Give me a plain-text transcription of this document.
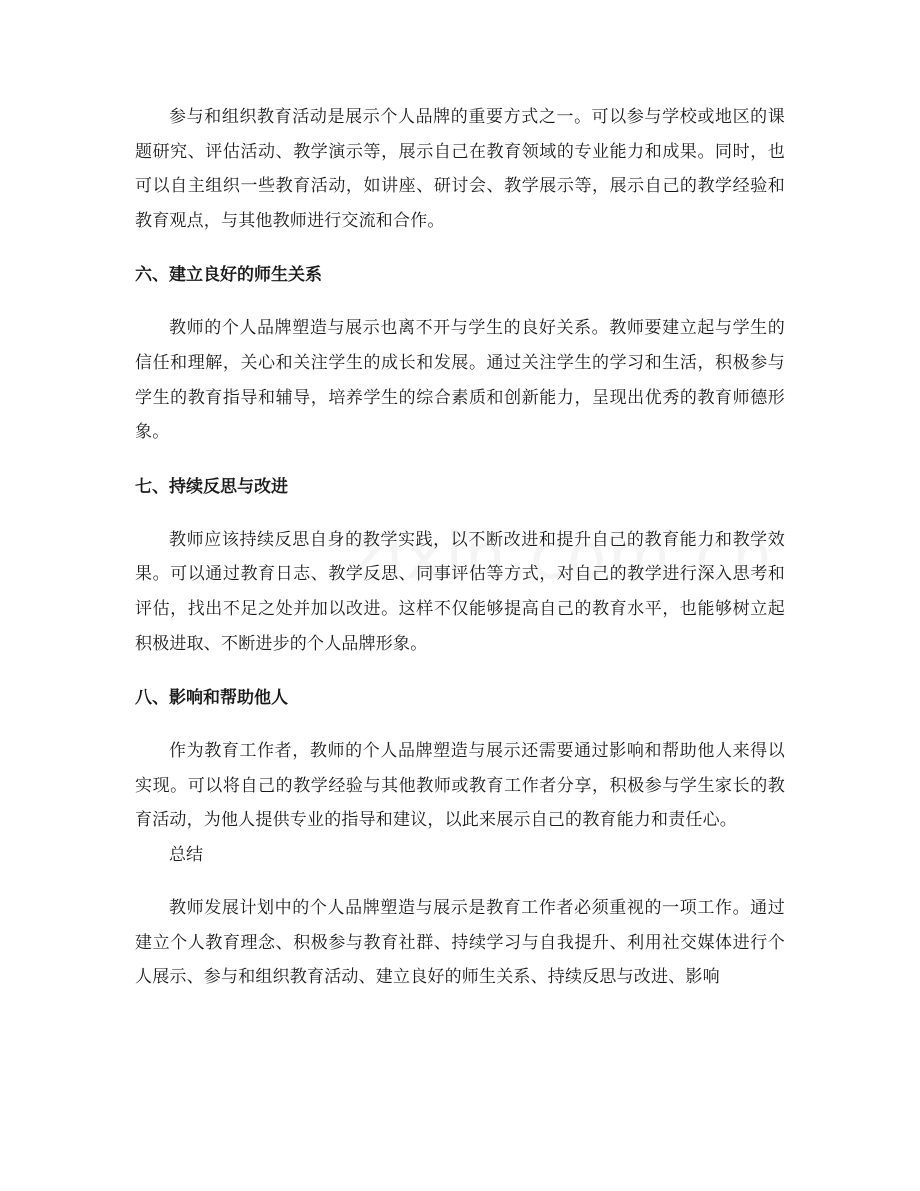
参与和组织教育活动是展示个人品牌的重要方式之一。可以参与学校或地区的课题研究、评估活动、教学演示等，展示自己在教育领域的专业能力和成果。同时，也可以自主组织一些教育活动，如讲座、研讨会、教学展示等，展示自己的教学经验和教育观点，与其他教师进行交流和合作。

六、建立良好的师生关系

教师的个人品牌塑造与展示也离不开与学生的良好关系。教师要建立起与学生的信任和理解，关心和关注学生的成长和发展。通过关注学生的学习和生活，积极参与学生的教育指导和辅导，培养学生的综合素质和创新能力，呈现出优秀的教育师德形象。

七、持续反思与改进

教师应该持续反思自身的教学实践，以不断改进和提升自己的教育能力和教学效果。可以通过教育日志、教学反思、同事评估等方式，对自己的教学进行深入思考和评估，找出不足之处并加以改进。这样不仅能够提高自己的教育水平，也能够树立起积极进取、不断进步的个人品牌形象。

八、影响和帮助他人

作为教育工作者，教师的个人品牌塑造与展示还需要通过影响和帮助他人来得以实现。可以将自己的教学经验与其他教师或教育工作者分享，积极参与学生家长的教育活动，为他人提供专业的指导和建议，以此来展示自己的教育能力和责任心。

总结

教师发展计划中的个人品牌塑造与展示是教育工作者必须重视的一项工作。通过建立个人教育理念、积极参与教育社群、持续学习与自我提升、利用社交媒体进行个人展示、参与和组织教育活动、建立良好的师生关系、持续反思与改进、影响
